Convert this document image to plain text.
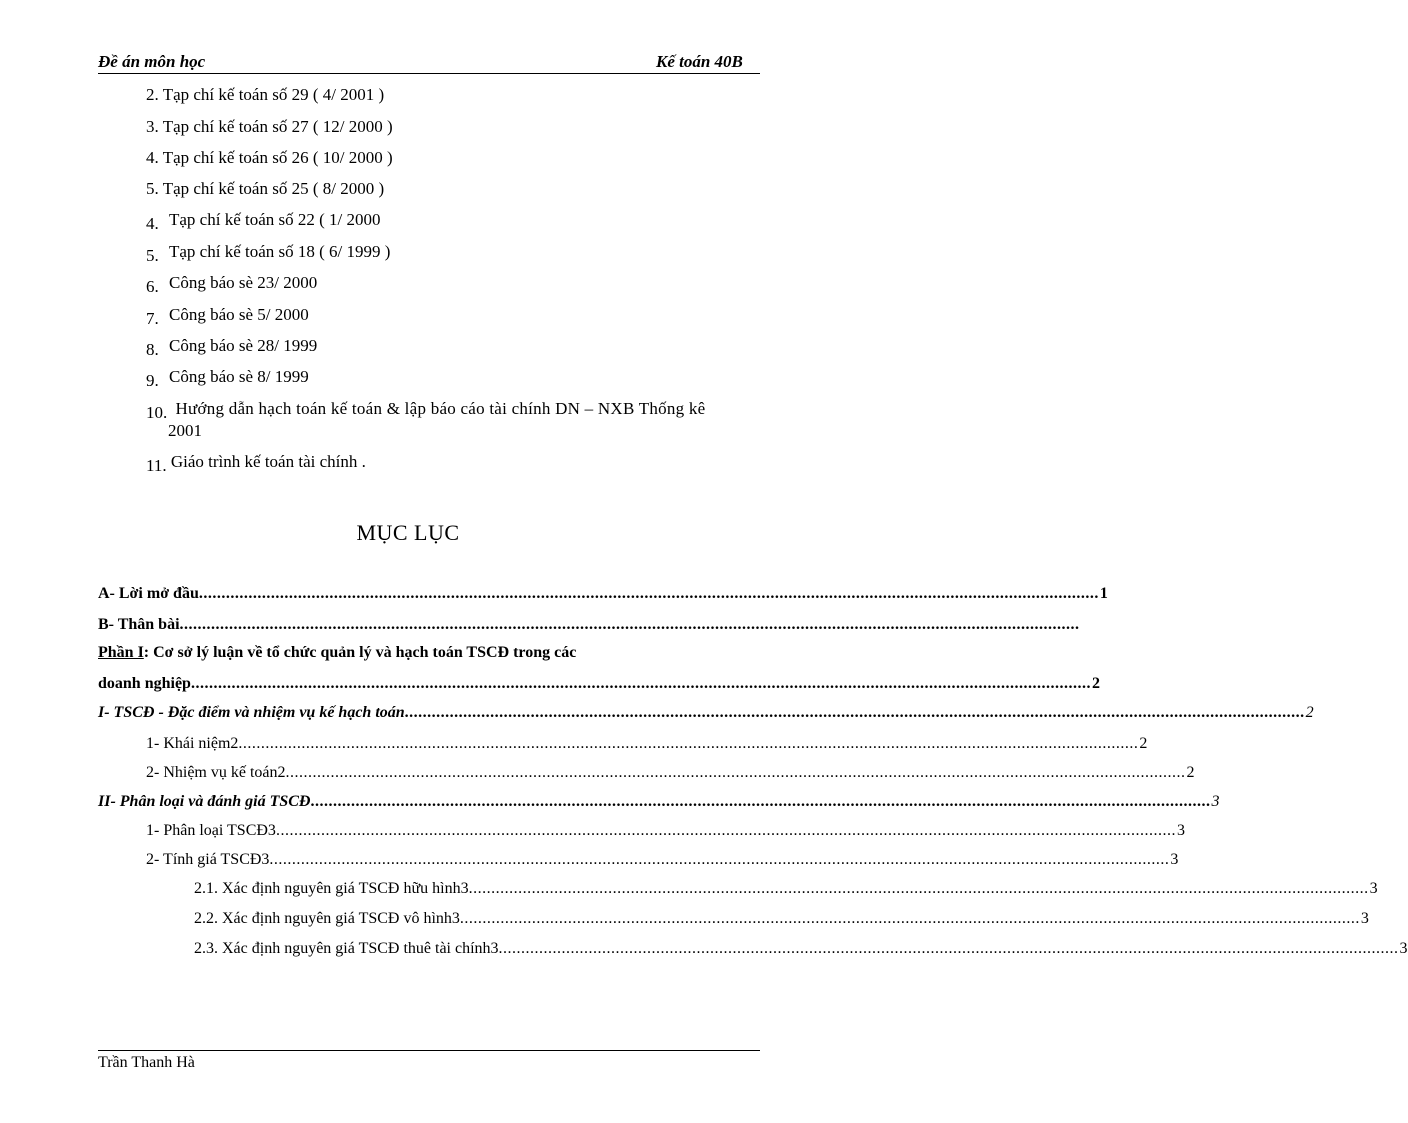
Đề án môn học	Kế toán 40B
2. Tạp chí kế toán số 29 ( 4/ 2001 )
3. Tạp chí kế toán số 27 ( 12/ 2000 )
4. Tạp chí kế toán số 26 ( 10/ 2000 )
5. Tạp chí kế toán số 25 ( 8/ 2000 )
4. Tạp chí kế toán số 22 ( 1/ 2000
5. Tạp chí kế toán số 18 ( 6/ 1999 )
6. Công báo sè 23/ 2000
7. Công báo sè 5/ 2000
8. Công báo sè 28/ 1999
9. Công báo sè 8/ 1999
10. Hướng dẫn hạch toán kế toán & lập báo cáo tài chính DN – NXB Thống kê
2001
11. Giáo trình kế toán tài chính .
MỤC LỤC
A- Lời mở đầu ........................................................................................................................................................................................................ 1
B- Thân bài ........................................................................................................................................................................................................
Phần I : Cơ sở lý luận về tổ chức quản lý và hạch toán TSCĐ trong các
doanh nghiệp ........................................................................................................................................................................................................ 2
I- TSCĐ - Đặc điểm và nhiệm vụ kế hạch toán ........................................................................................................................................................................................................ 2
1- Khái niệm2 ........................................................................................................................................................................................................ 2
2- Nhiệm vụ kế toán2 ........................................................................................................................................................................................................ 2
II- Phân loại và đánh giá TSCĐ ........................................................................................................................................................................................................ 3
1- Phân loại TSCĐ3 ........................................................................................................................................................................................................ 3
2- Tính giá TSCĐ3 ........................................................................................................................................................................................................ 3
2.1. Xác định nguyên giá TSCĐ hữu hình3 ........................................................................................................................................................................................................ 3
2.2. Xác định nguyên giá TSCĐ vô hình3 ........................................................................................................................................................................................................ 3
2.3. Xác định nguyên giá TSCĐ thuê tài chính3 ........................................................................................................................................................................................................ 3
Trần Thanh Hà
